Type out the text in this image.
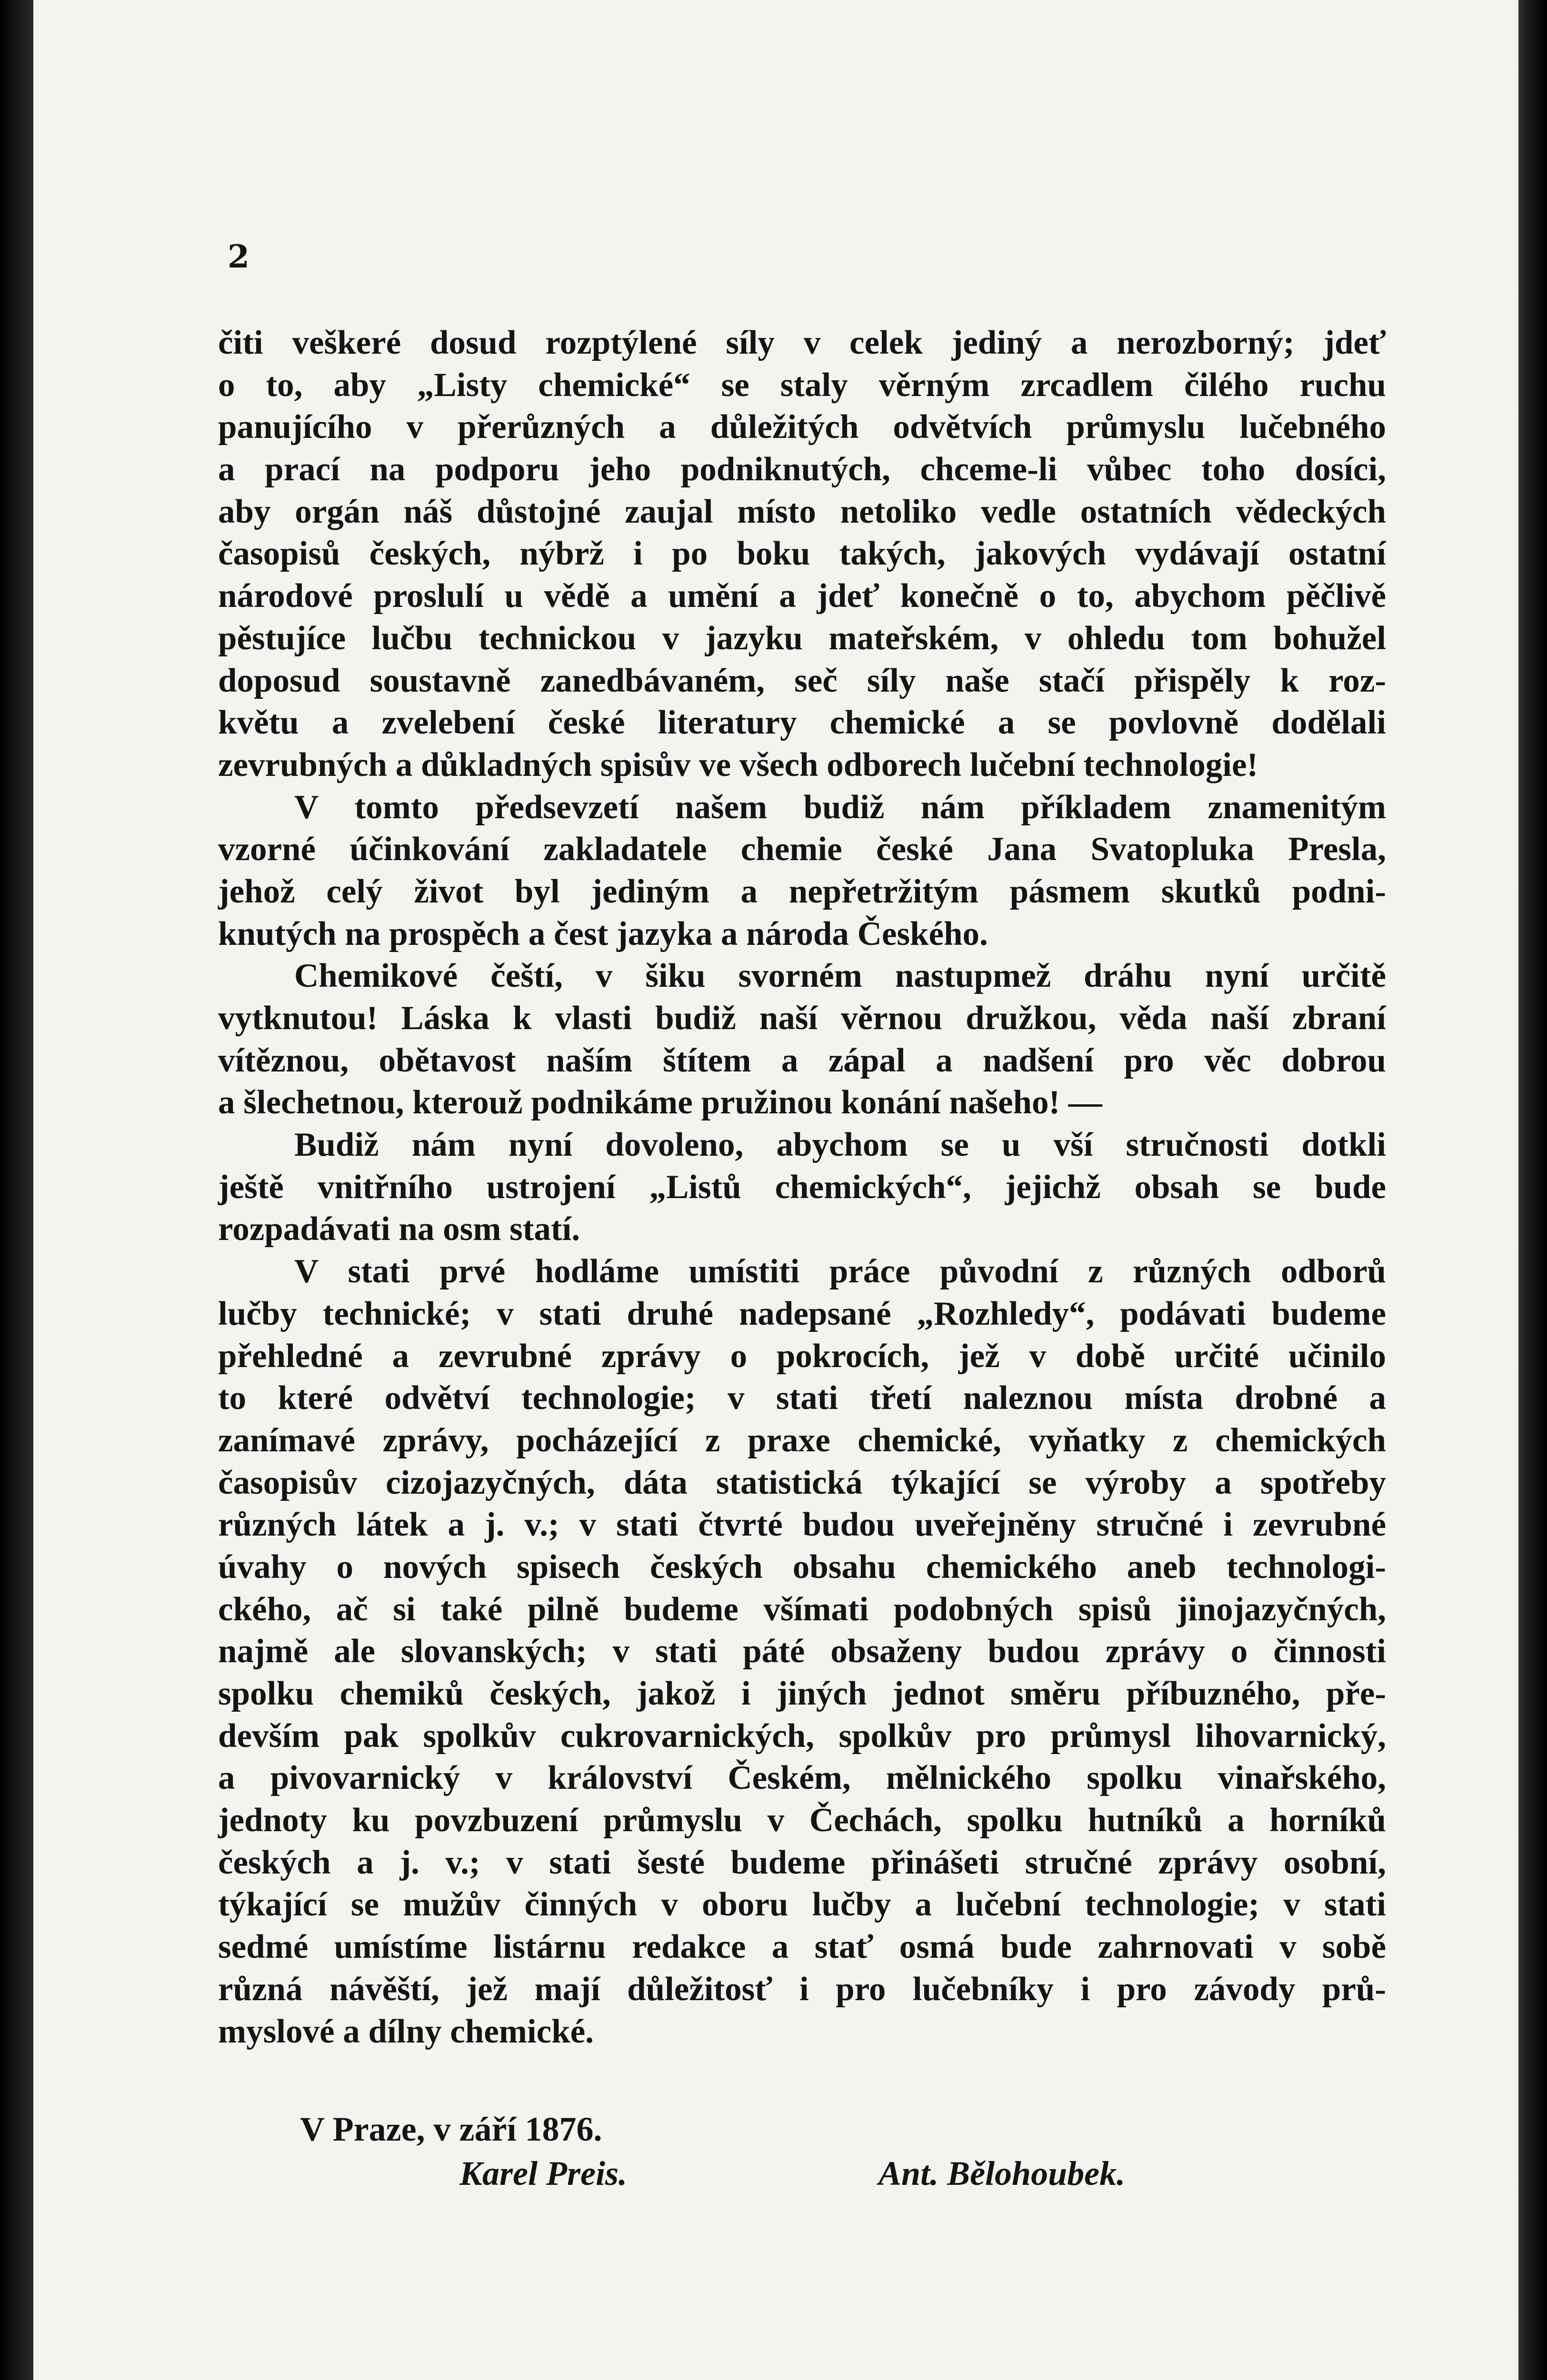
2

čiti veškeré dosud rozptýlené síly v celek jediný a nerozborný; jdeť

o to, aby „Listy chemické“ se staly věrným zrcadlem čilého ruchu

panujícího v přerůzných a důležitých odvětvích průmyslu lučebného

a prací na podporu jeho podniknutých, chceme-li vůbec toho dosíci,

aby orgán náš důstojné zaujal místo netoliko vedle ostatních vědeckých

časopisů českých, nýbrž i po boku takých, jakových vydávají ostatní

národové proslulí u vědě a umění a jdeť konečně o to, abychom pěčlivě

pěstujíce lučbu technickou v jazyku mateřském, v ohledu tom bohužel

doposud soustavně zanedbávaném, seč síly naše stačí přispěly k roz-

květu a zvelebení české literatury chemické a se povlovně dodělali

zevrubných a důkladných spisův ve všech odborech lučební technologie!

V tomto předsevzetí našem budiž nám příkladem znamenitým

vzorné účinkování zakladatele chemie české Jana Svatopluka Presla,

jehož celý život byl jediným a nepřetržitým pásmem skutků podni-

knutých na prospěch a čest jazyka a národa Českého.

Chemikové čeští, v šiku svorném nastupmež dráhu nyní určitě

vytknutou! Láska k vlasti budiž naší věrnou družkou, věda naší zbraní

vítěznou, obětavost naším štítem a zápal a nadšení pro věc dobrou

a šlechetnou, kterouž podnikáme pružinou konání našeho! —

Budiž nám nyní dovoleno, abychom se u vší stručnosti dotkli

ještě vnitřního ustrojení „Listů chemických“, jejichž obsah se bude

rozpadávati na osm statí.

V stati prvé hodláme umístiti práce původní z různých odborů

lučby technické; v stati druhé nadepsané „Rozhledy“, podávati budeme

přehledné a zevrubné zprávy o pokrocích, jež v době určité učinilo

to které odvětví technologie; v stati třetí naleznou místa drobné a

zanímavé zprávy, pocházející z praxe chemické, vyňatky z chemických

časopisův cizojazyčných, dáta statistická týkající se výroby a spotřeby

různých látek a j. v.; v stati čtvrté budou uveřejněny stručné i zevrubné

úvahy o nových spisech českých obsahu chemického aneb technologi-

ckého, ač si také pilně budeme všímati podobných spisů jinojazyčných,

najmě ale slovanských; v stati páté obsaženy budou zprávy o činnosti

spolku chemiků českých, jakož i jiných jednot směru příbuzného, pře-

devším pak spolkův cukrovarnických, spolkův pro průmysl lihovarnický,

a pivovarnický v království Českém, mělnického spolku vinařského,

jednoty ku povzbuzení průmyslu v Čechách, spolku hutníků a horníků

českých a j. v.; v stati šesté budeme přinášeti stručné zprávy osobní,

týkající se mužův činných v oboru lučby a lučební technologie; v stati

sedmé umístíme listárnu redakce a stať osmá bude zahrnovati v sobě

různá návěští, jež mají důležitosť i pro lučebníky i pro závody prů-

myslové a dílny chemické.

V Praze, v září 1876.

Karel Preis.	Ant. Bělohoubek.
